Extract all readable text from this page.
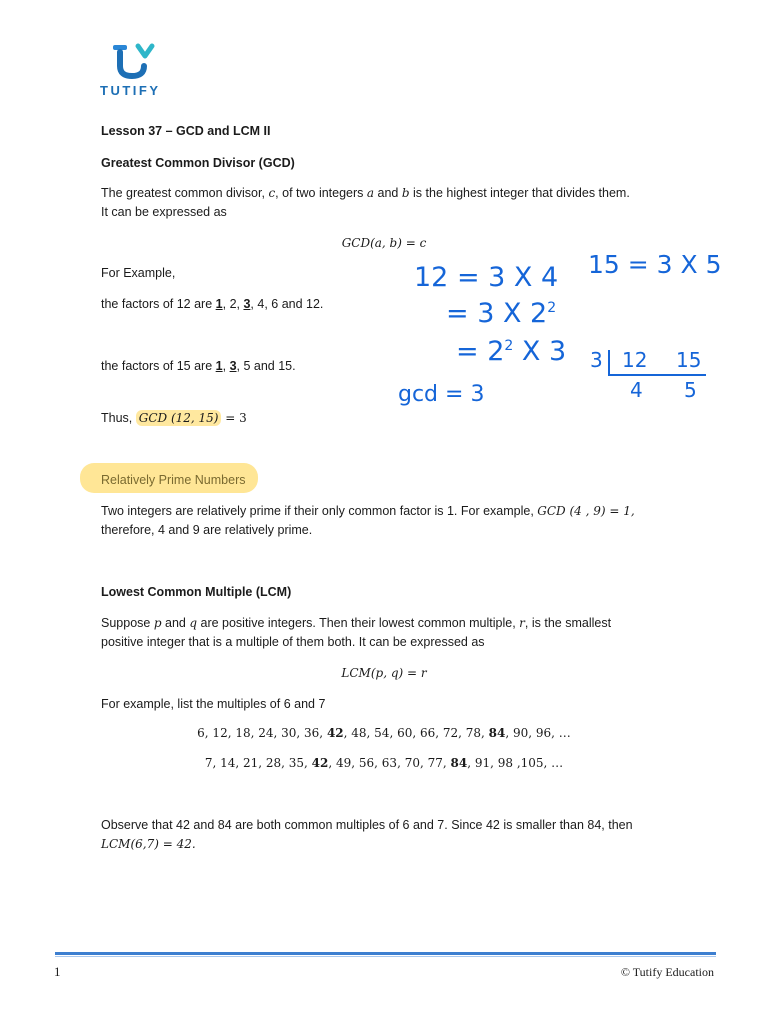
TUTIFY
Lesson 37 – GCD and LCM II
Greatest Common Divisor (GCD)
The greatest common divisor, c, of two integers a and b is the highest integer that divides them.
It can be expressed as
GCD(a, b) = c
For Example,
the factors of 12 are 1, 2, 3, 4, 6 and 12.
the factors of 15 are 1, 3, 5 and 15.
Thus, GCD (12, 15) = 3
Relatively Prime Numbers
Two integers are relatively prime if their only common factor is 1. For example, GCD (4 , 9) = 1,
therefore, 4 and 9 are relatively prime.
Lowest Common Multiple (LCM)
Suppose p and q are positive integers. Then their lowest common multiple, r, is the smallest
positive integer that is a multiple of them both. It can be expressed as
LCM(p, q) = r
For example, list the multiples of 6 and 7
6, 12, 18, 24, 30, 36, 42, 48, 54, 60, 66, 72, 78, 84, 90, 96, …
7, 14, 21, 28, 35, 42, 49, 56, 63, 70, 77, 84, 91, 98 ,105, …
Observe that 42 and 84 are both common multiples of 6 and 7. Since 42 is smaller than 84, then
LCM(6,7) = 42.
12 = 3 X 4
= 3 X $2^2$
= $2^2$ X 3
gcd = 3
15 = 3 X 5
3 12 15
4 5
1	© Tutify Education
